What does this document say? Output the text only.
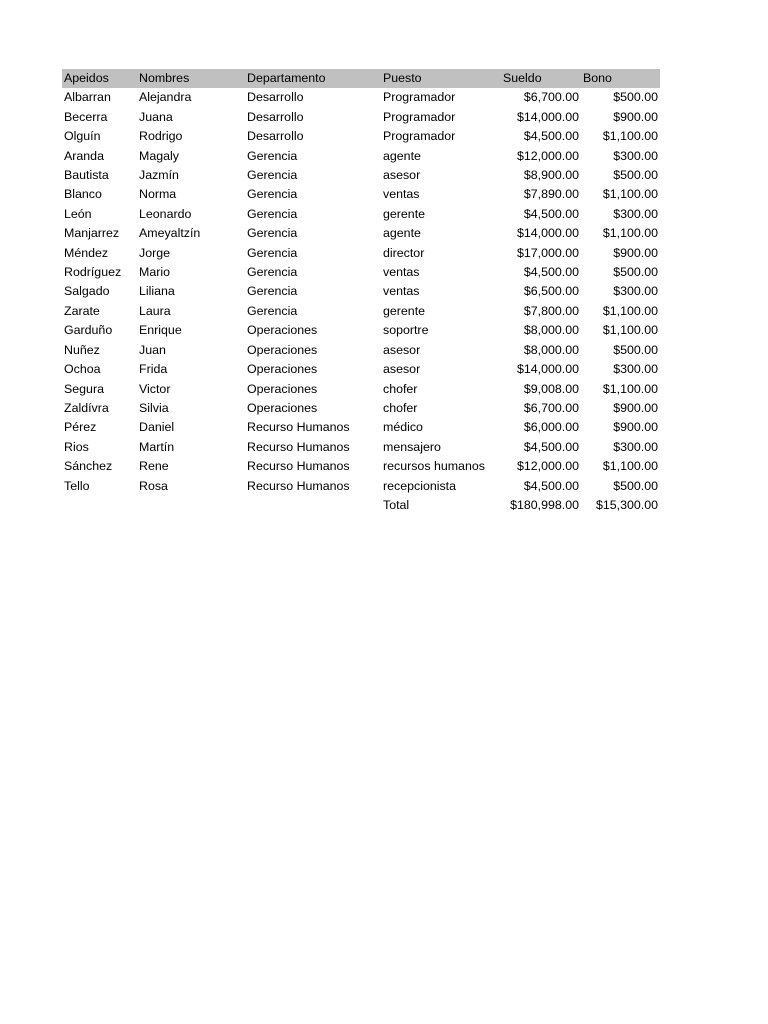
Apeidos	Nombres	Departamento	Puesto	Sueldo	Bono
Albarran	Alejandra	Desarrollo	Programador	$6,700.00	$500.00
Becerra	Juana	Desarrollo	Programador	$14,000.00	$900.00
Olguín	Rodrigo	Desarrollo	Programador	$4,500.00	$1,100.00
Aranda	Magaly	Gerencia	agente	$12,000.00	$300.00
Bautista	Jazmín	Gerencia	asesor	$8,900.00	$500.00
Blanco	Norma	Gerencia	ventas	$7,890.00	$1,100.00
León	Leonardo	Gerencia	gerente	$4,500.00	$300.00
Manjarrez	Ameyaltzín	Gerencia	agente	$14,000.00	$1,100.00
Méndez	Jorge	Gerencia	director	$17,000.00	$900.00
Rodríguez	Mario	Gerencia	ventas	$4,500.00	$500.00
Salgado	Liliana	Gerencia	ventas	$6,500.00	$300.00
Zarate	Laura	Gerencia	gerente	$7,800.00	$1,100.00
Garduño	Enrique	Operaciones	soportre	$8,000.00	$1,100.00
Nuñez	Juan	Operaciones	asesor	$8,000.00	$500.00
Ochoa	Frida	Operaciones	asesor	$14,000.00	$300.00
Segura	Victor	Operaciones	chofer	$9,008.00	$1,100.00
Zaldívra	Silvia	Operaciones	chofer	$6,700.00	$900.00
Pérez	Daniel	Recurso Humanos	médico	$6,000.00	$900.00
Rios	Martín	Recurso Humanos	mensajero	$4,500.00	$300.00
Sánchez	Rene	Recurso Humanos	recursos humanos	$12,000.00	$1,100.00
Tello	Rosa	Recurso Humanos	recepcionista	$4,500.00	$500.00
			Total	$180,998.00	$15,300.00
